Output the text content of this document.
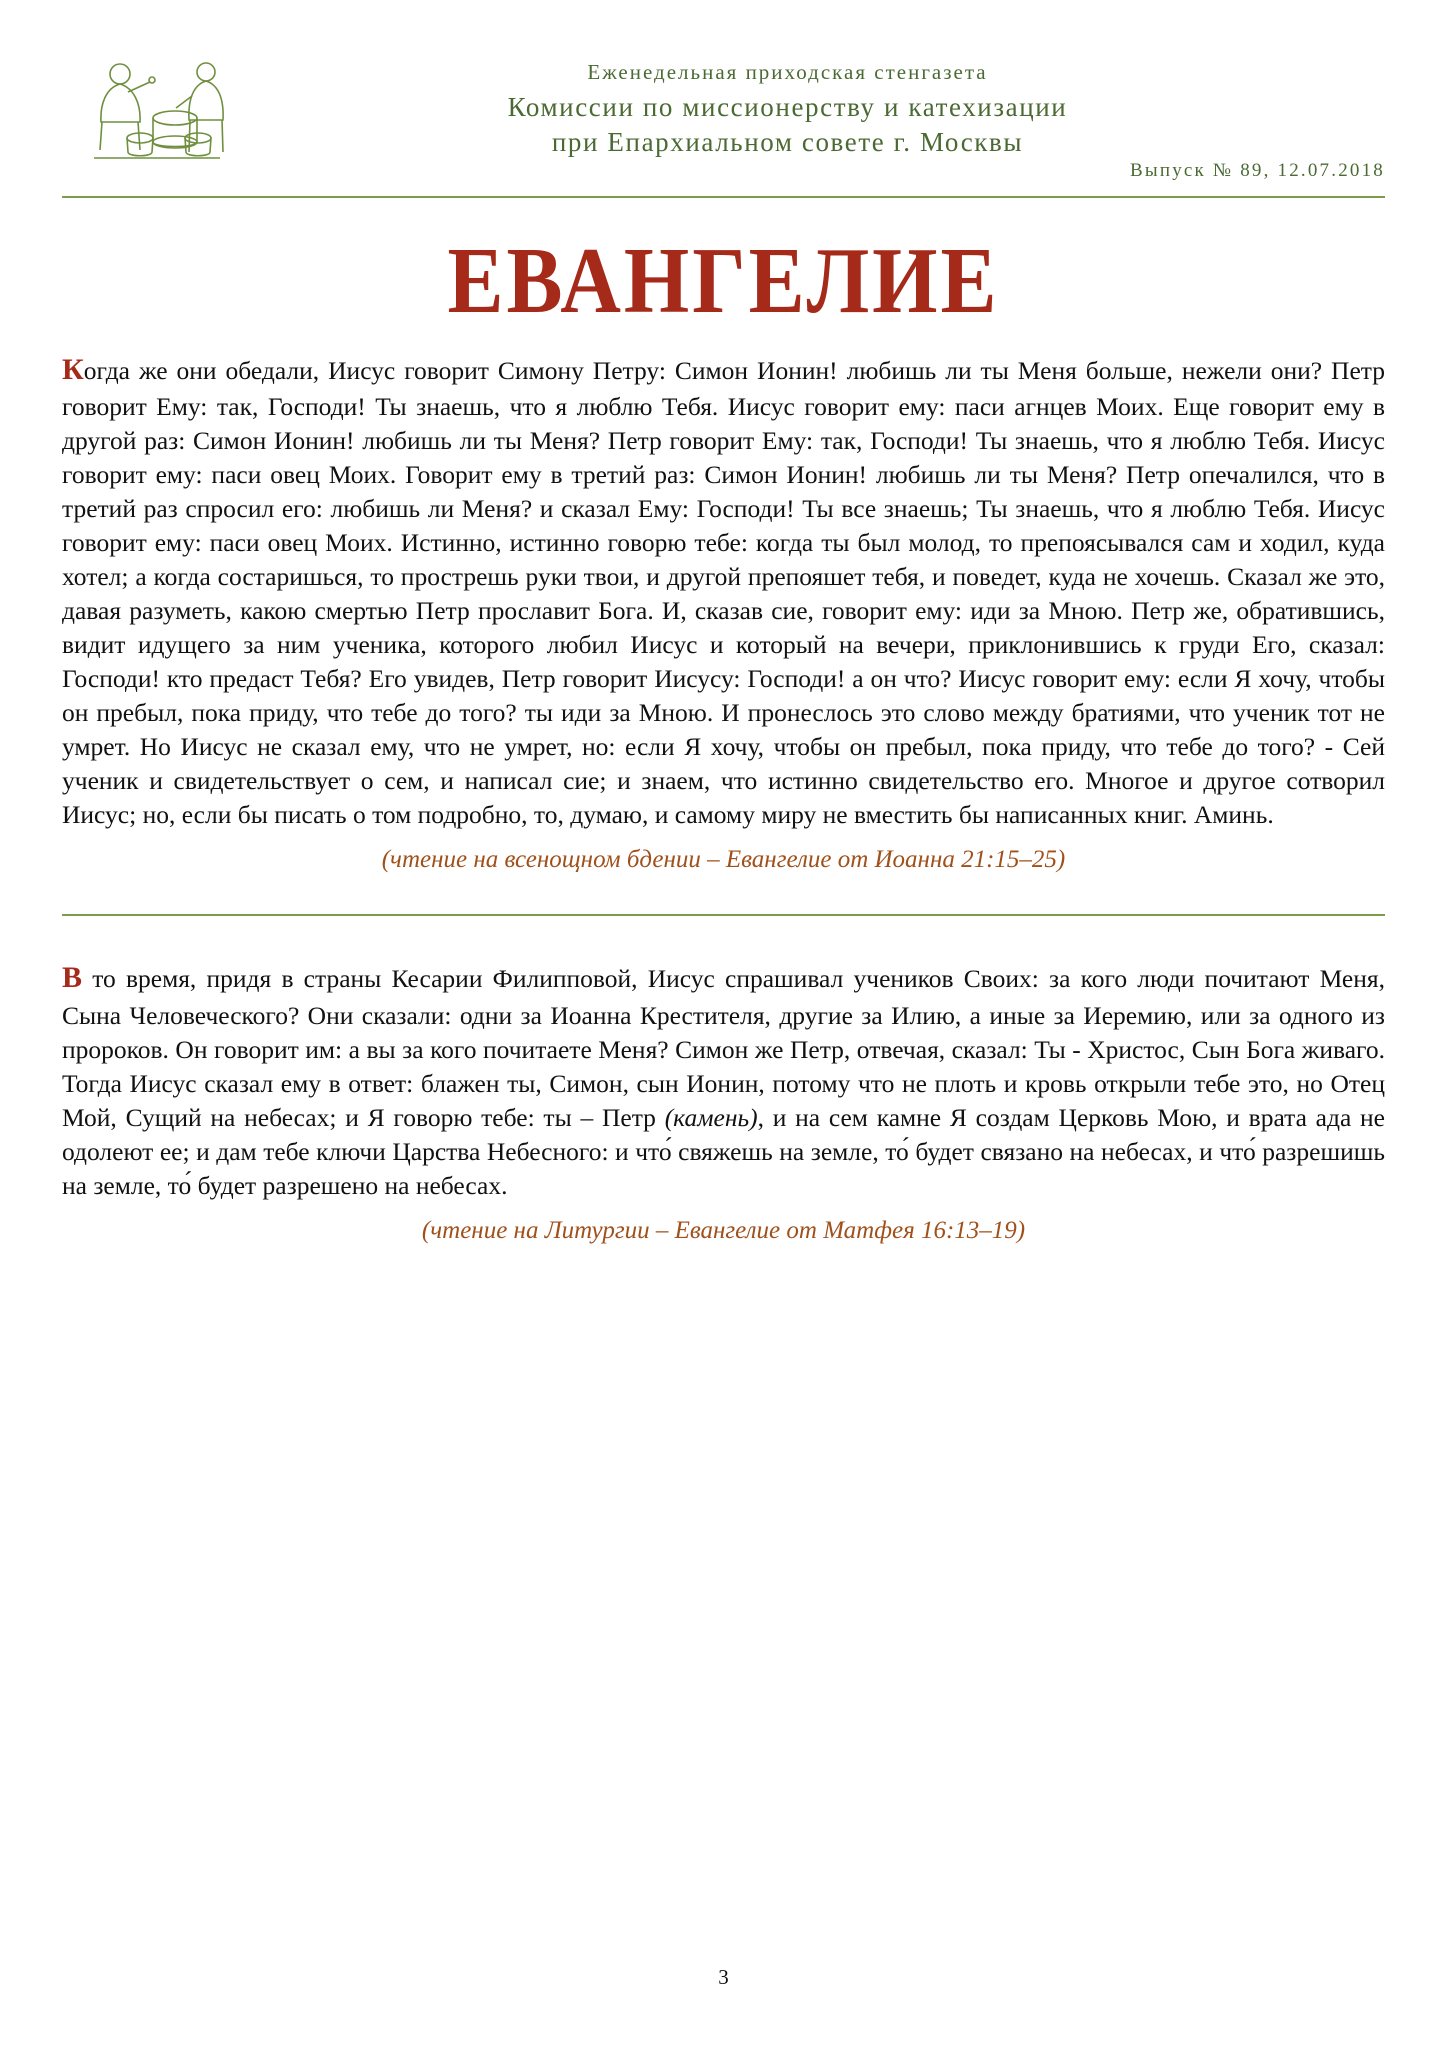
Еженедельная приходская стенгазета
Комиссии по миссионерству и катехизации
при Епархиальном совете г. Москвы
Выпуск № 89, 12.07.2018
ЕВАНГЕЛИЕ
Когда же они обедали, Иисус говорит Симону Петру: Симон Ионин! любишь ли ты Меня больше, нежели они? Петр говорит Ему: так, Господи! Ты знаешь, что я люблю Тебя. Иисус говорит ему: паси агнцев Моих. Еще говорит ему в другой раз: Симон Ионин! любишь ли ты Меня? Петр говорит Ему: так, Господи! Ты знаешь, что я люблю Тебя. Иисус говорит ему: паси овец Моих. Говорит ему в третий раз: Симон Ионин! любишь ли ты Меня? Петр опечалился, что в третий раз спросил его: любишь ли Меня? и сказал Ему: Господи! Ты все знаешь; Ты знаешь, что я люблю Тебя. Иисус говорит ему: паси овец Моих. Истинно, истинно говорю тебе: когда ты был молод, то препоясывался сам и ходил, куда хотел; а когда состаришься, то прострешь руки твои, и другой препояшет тебя, и поведет, куда не хочешь. Сказал же это, давая разуметь, какою смертью Петр прославит Бога. И, сказав сие, говорит ему: иди за Мною. Петр же, обратившись, видит идущего за ним ученика, которого любил Иисус и который на вечери, приклонившись к груди Его, сказал: Господи! кто предаст Тебя? Его увидев, Петр говорит Иисусу: Господи! а он что? Иисус говорит ему: если Я хочу, чтобы он пребыл, пока приду, что тебе до того? ты иди за Мною. И пронеслось это слово между братиями, что ученик тот не умрет. Но Иисус не сказал ему, что не умрет, но: если Я хочу, чтобы он пребыл, пока приду, что тебе до того? - Сей ученик и свидетельствует о сем, и написал сие; и знаем, что истинно свидетельство его. Многое и другое сотворил Иисус; но, если бы писать о том подробно, то, думаю, и самому миру не вместить бы написанных книг. Аминь.
(чтение на всенощном бдении – Евангелие от Иоанна 21:15–25)
В то время, придя в страны Кесарии Филипповой, Иисус спрашивал учеников Своих: за кого люди почитают Меня, Сына Человеческого? Они сказали: одни за Иоанна Крестителя, другие за Илию, а иные за Иеремию, или за одного из пророков. Он говорит им: а вы за кого почитаете Меня? Симон же Петр, отвечая, сказал: Ты - Христос, Сын Бога живаго. Тогда Иисус сказал ему в ответ: блажен ты, Симон, сын Ионин, потому что не плоть и кровь открыли тебе это, но Отец Мой, Сущий на небесах; и Я говорю тебе: ты – Петр (камень), и на сем камне Я создам Церковь Мою, и врата ада не одолеют ее; и дам тебе ключи Царства Небесного: и что́ свяжешь на земле, то́ будет связано на небесах, и что́ разрешишь на земле, то́ будет разрешено на небесах.
(чтение на Литургии – Евангелие от Матфея 16:13–19)
3
